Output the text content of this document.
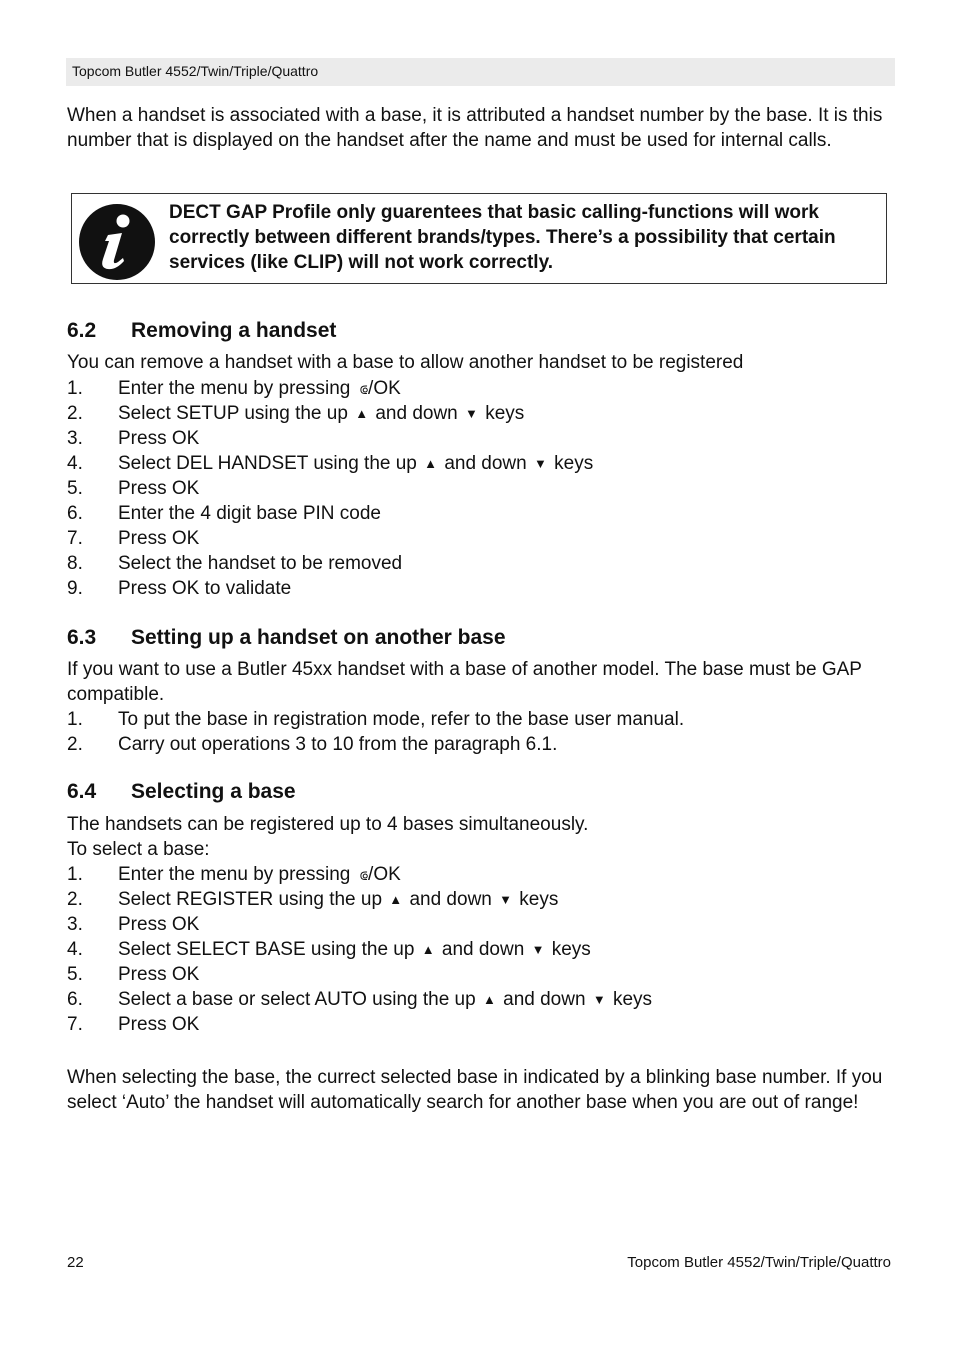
Topcom Butler 4552/Twin/Triple/Quattro
When a handset is associated with a base, it is attributed a handset number by the base. It is this number that is displayed on the handset after the name and must be used for internal calls.
DECT GAP Profile only guarentees that basic calling-functions will work correctly between different brands/types. There’s a possibility that certain services (like CLIP) will not work correctly.
6.2 Removing a handset
You can remove a handset with a base to allow another handset to be registered
1. Enter the menu by pressing ⟃/OK
2. Select SETUP using the up ▲ and down ▼ keys
3. Press OK
4. Select DEL HANDSET using the up ▲ and down ▼ keys
5. Press OK
6. Enter the 4 digit base PIN code
7. Press OK
8. Select the handset to be removed
9. Press OK to validate
6.3 Setting up a handset on another base
If you want to use a Butler 45xx handset with a base of another model. The base must be GAP compatible.
1. To put the base in registration mode, refer to the base user manual.
2. Carry out operations 3 to 10 from the paragraph 6.1.
6.4 Selecting a base
The handsets can be registered up to 4 bases simultaneously.
To select a base:
1. Enter the menu by pressing ⟃/OK
2. Select REGISTER using the up ▲ and down ▼ keys
3. Press OK
4. Select SELECT BASE using the up ▲ and down ▼ keys
5. Press OK
6. Select a base or select AUTO using the up ▲ and down ▼ keys
7. Press OK
When selecting the base, the currect selected base in indicated by a blinking base number. If you select ‘Auto’ the handset will automatically search for another base when you are out of range!
22	Topcom Butler 4552/Twin/Triple/Quattro
